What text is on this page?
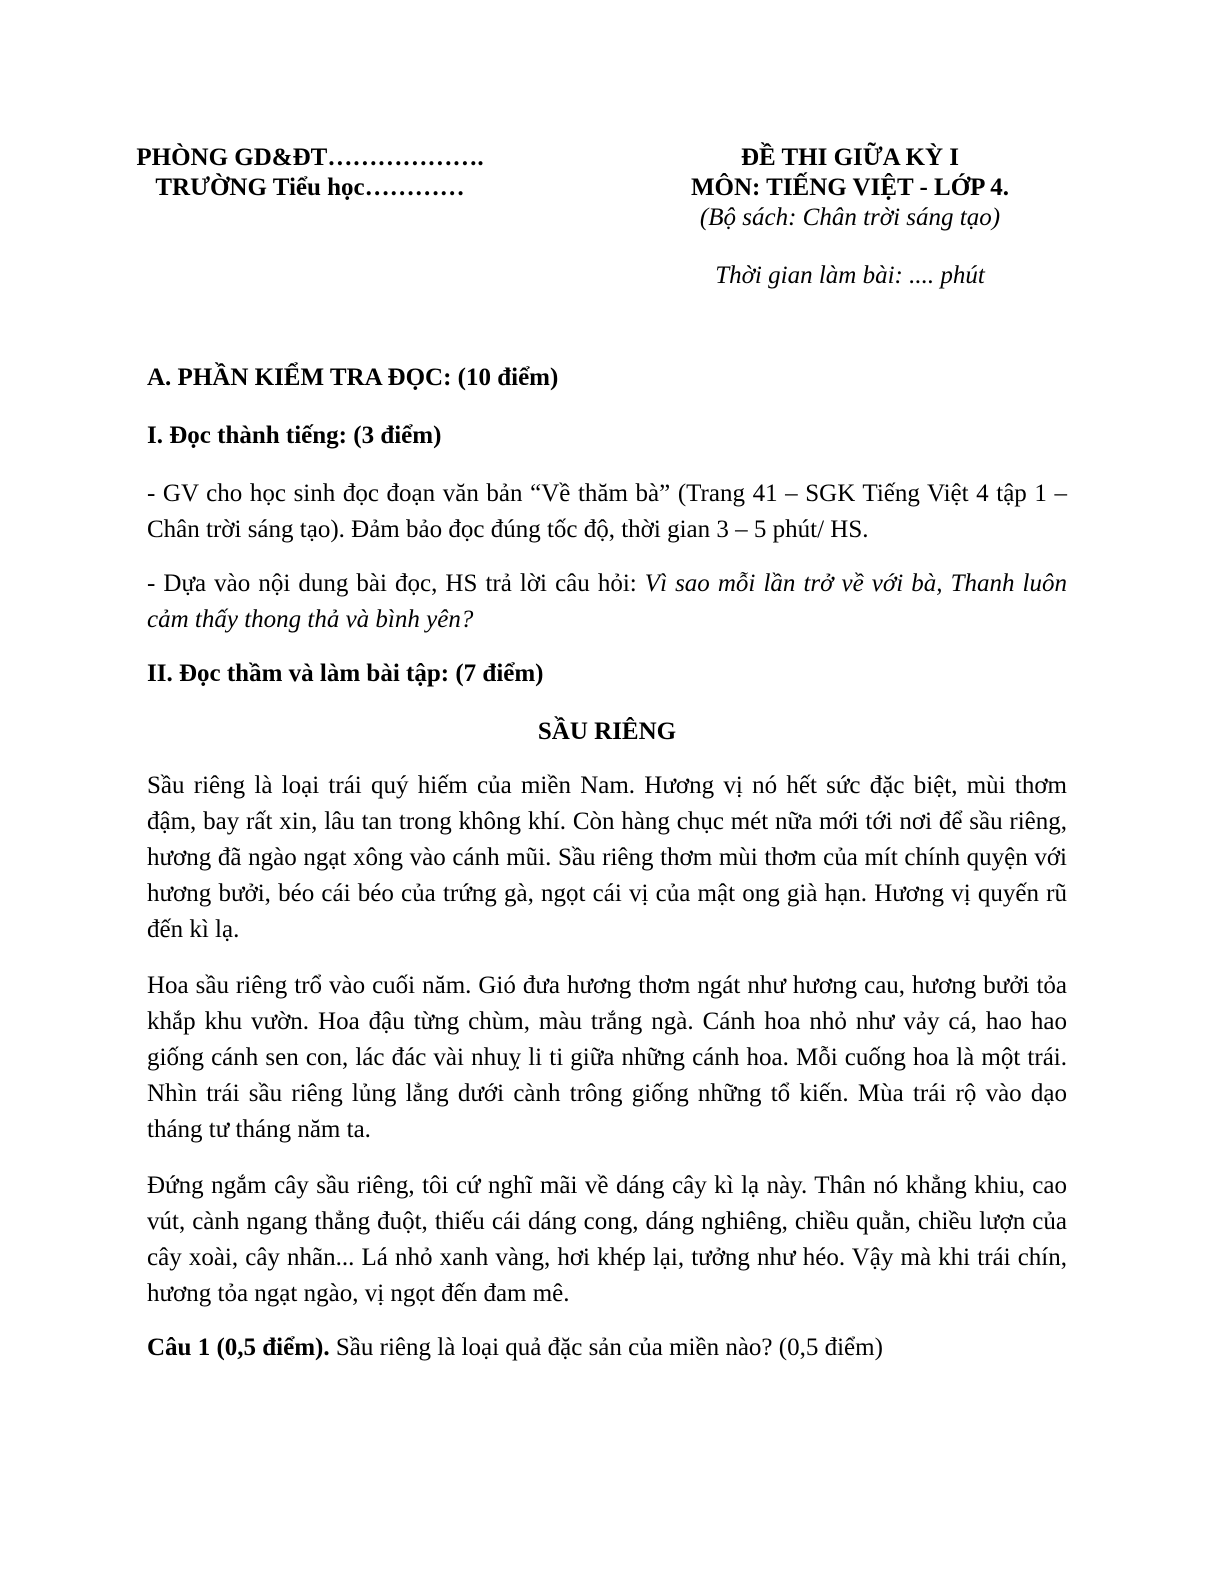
PHÒNG GD&ĐT……………….
TRƯỜNG Tiểu học…………
ĐỀ THI GIỮA KỲ I
MÔN: TIẾNG VIỆT - LỚP 4.
(Bộ sách: Chân trời sáng tạo)
Thời gian làm bài: .... phút

A. PHẦN KIỂM TRA ĐỌC: (10 điểm)

I. Đọc thành tiếng: (3 điểm)

- GV cho học sinh đọc đoạn văn bản “Về thăm bà” (Trang 41 – SGK Tiếng Việt 4 tập 1 – Chân trời sáng tạo). Đảm bảo đọc đúng tốc độ, thời gian 3 – 5 phút/ HS.

- Dựa vào nội dung bài đọc, HS trả lời câu hỏi: Vì sao mỗi lần trở về với bà, Thanh luôn cảm thấy thong thả và bình yên?

II. Đọc thầm và làm bài tập: (7 điểm)

SẦU RIÊNG

Sầu riêng là loại trái quý hiếm của miền Nam. Hương vị nó hết sức đặc biệt, mùi thơm đậm, bay rất xin, lâu tan trong không khí. Còn hàng chục mét nữa mới tới nơi để sầu riêng, hương đã ngào ngạt xông vào cánh mũi. Sầu riêng thơm mùi thơm của mít chính quyện với hương bưởi, béo cái béo của trứng gà, ngọt cái vị của mật ong già hạn. Hương vị quyến rũ đến kì lạ.

Hoa sầu riêng trổ vào cuối năm. Gió đưa hương thơm ngát như hương cau, hương bưởi tỏa khắp khu vườn. Hoa đậu từng chùm, màu trắng ngà. Cánh hoa nhỏ như vảy cá, hao hao giống cánh sen con, lác đác vài nhuỵ li ti giữa những cánh hoa. Mỗi cuống hoa là một trái. Nhìn trái sầu riêng lủng lẳng dưới cành trông giống những tổ kiến. Mùa trái rộ vào dạo tháng tư tháng năm ta.

Đứng ngắm cây sầu riêng, tôi cứ nghĩ mãi về dáng cây kì lạ này. Thân nó khẳng khiu, cao vút, cành ngang thẳng đuột, thiếu cái dáng cong, dáng nghiêng, chiều quằn, chiều lượn của cây xoài, cây nhãn... Lá nhỏ xanh vàng, hơi khép lại, tưởng như héo. Vậy mà khi trái chín, hương tỏa ngạt ngào, vị ngọt đến đam mê.

Câu 1 (0,5 điểm). Sầu riêng là loại quả đặc sản của miền nào? (0,5 điểm)
